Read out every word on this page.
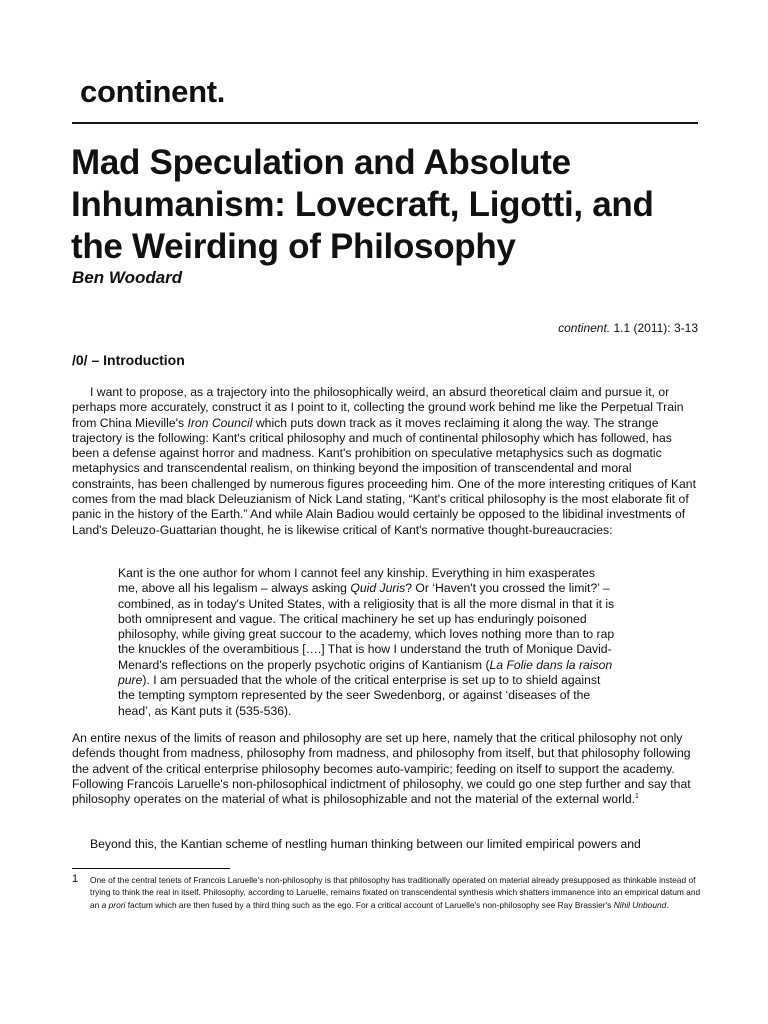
continent.
Mad Speculation and Absolute Inhumanism: Lovecraft, Ligotti, and the Weirding of Philosophy

Ben Woodard

continent. 1.1 (2011): 3-13
/0/ – Introduction

I want to propose, as a trajectory into the philosophically weird, an absurd theoretical claim and pursue it, or perhaps more accurately, construct it as I point to it, collecting the ground work behind me like the Perpetual Train from China Mieville's Iron Council which puts down track as it moves reclaiming it along the way. The strange trajectory is the following: Kant's critical philosophy and much of continental philosophy which has followed, has been a defense against horror and madness. Kant's prohibition on speculative metaphysics such as dogmatic metaphysics and transcendental realism, on thinking beyond the imposition of transcendental and moral constraints, has been challenged by numerous figures proceeding him. One of the more interesting critiques of Kant comes from the mad black Deleuzianism of Nick Land stating, “Kant's critical philosophy is the most elaborate fit of panic in the history of the Earth.” And while Alain Badiou would certainly be opposed to the libidinal investments of Land's Deleuzo-Guattarian thought, he is likewise critical of Kant's normative thought-bureaucracies:

Kant is the one author for whom I cannot feel any kinship. Everything in him exasperates me, above all his legalism – always asking Quid Juris? Or ‘Haven't you crossed the limit?’ – combined, as in today's United States, with a religiosity that is all the more dismal in that it is both omnipresent and vague. The critical machinery he set up has enduringly poisoned philosophy, while giving great succour to the academy, which loves nothing more than to rap the knuckles of the overambitious [….] That is how I understand the truth of Monique David-Menard's reflections on the properly psychotic origins of Kantianism (La Folie dans la raison pure). I am persuaded that the whole of the critical enterprise is set up to to shield against the tempting symptom represented by the seer Swedenborg, or against ‘diseases of the head’, as Kant puts it (535-536).

An entire nexus of the limits of reason and philosophy are set up here, namely that the critical philosophy not only defends thought from madness, philosophy from madness, and philosophy from itself, but that philosophy following the advent of the critical enterprise philosophy becomes auto-vampiric; feeding on itself to support the academy. Following Francois Laruelle's non-philosophical indictment of philosophy, we could go one step further and say that philosophy operates on the material of what is philosophizable and not the material of the external world.$^1$

Beyond this, the Kantian scheme of nestling human thinking between our limited empirical powers and

1 One of the central tenets of Francois Laruelle's non-philosophy is that philosophy has traditionally operated on material already presupposed as thinkable instead of trying to think the real in itself. Philosophy, according to Laruelle, remains fixated on transcendental synthesis which shatters immanence into an empirical datum and an a prori factum which are then fused by a third thing such as the ego. For a critical account of Laruelle's non-philosophy see Ray Brassier's Nihil Unbound.
